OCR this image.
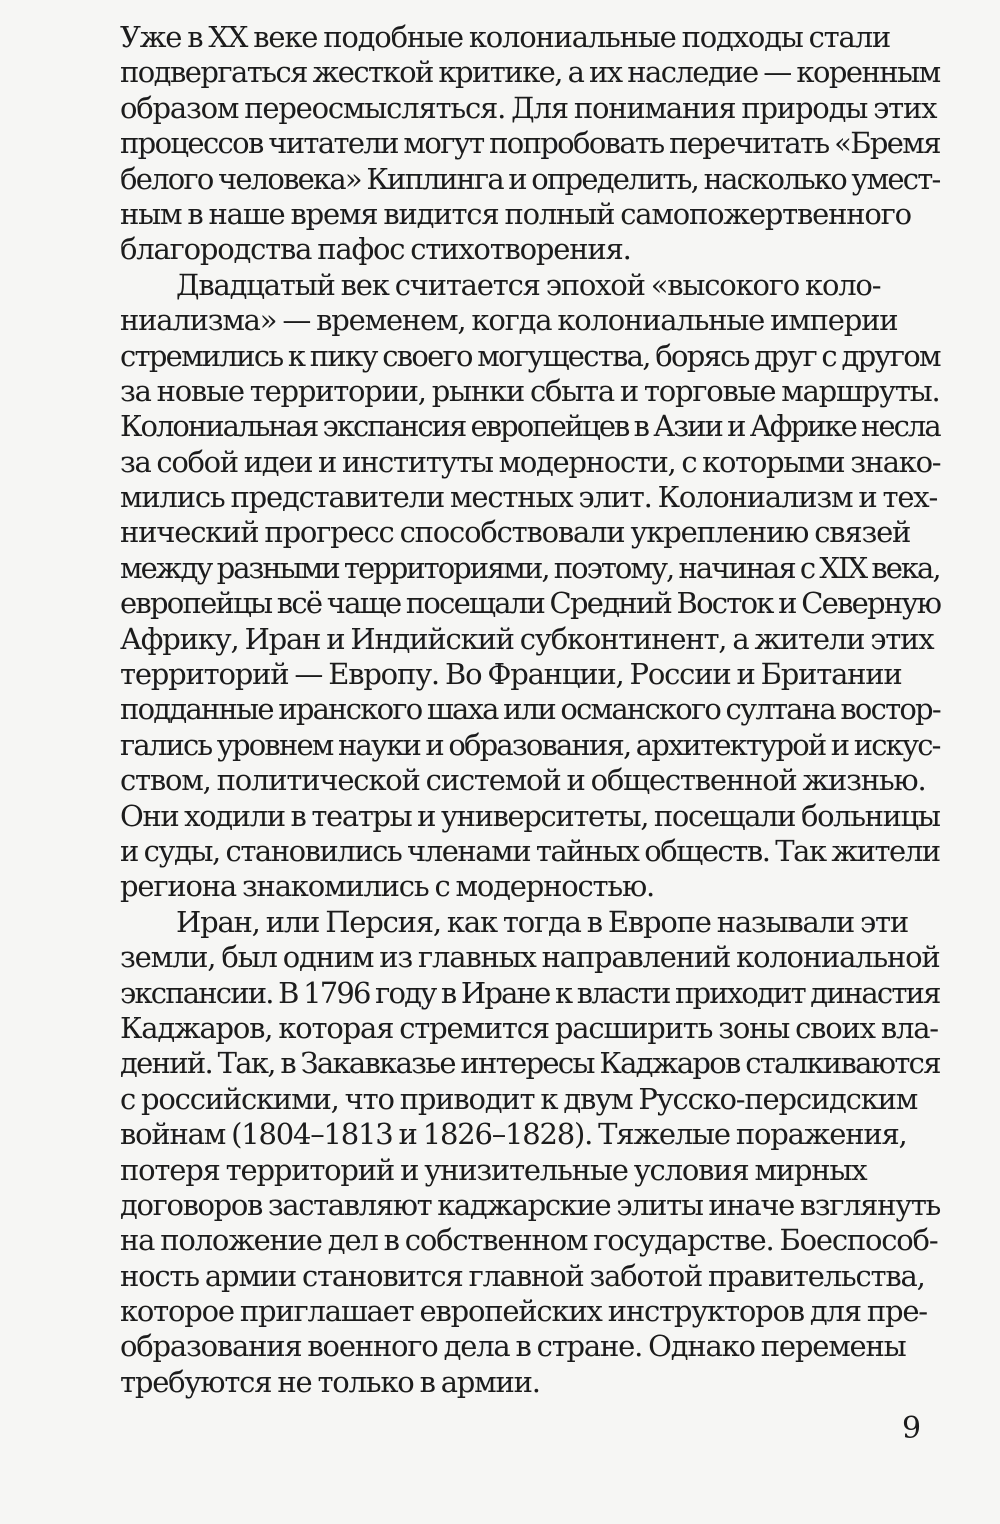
Уже в XX веке подобные колониальные подходы стали
подвергаться жесткой критике, а их наследие — коренным
образом переосмысляться. Для понимания природы этих
процессов читатели могут попробовать перечитать «Бремя
белого человека» Киплинга и определить, насколько умест-
ным в наше время видится полный самопожертвенного
благородства пафос стихотворения.
Двадцатый век считается эпохой «высокого коло-
ниализма» — временем, когда колониальные империи
стремились к пику своего могущества, борясь друг с другом
за новые территории, рынки сбыта и торговые маршруты.
Колониальная экспансия европейцев в Азии и Африке несла
за собой идеи и институты модерности, с которыми знако-
мились представители местных элит. Колониализм и тех-
нический прогресс способствовали укреплению связей
между разными территориями, поэтому, начиная с XIX века,
европейцы всё чаще посещали Средний Восток и Северную
Африку, Иран и Индийский субконтинент, а жители этих
территорий — Европу. Во Франции, России и Британии
подданные иранского шаха или османского султана востор-
гались уровнем науки и образования, архитектурой и искус-
ством, политической системой и общественной жизнью.
Они ходили в театры и университеты, посещали больницы
и суды, становились членами тайных обществ. Так жители
региона знакомились с модерностью.
Иран, или Персия, как тогда в Европе называли эти
земли, был одним из главных направлений колониальной
экспансии. В 1796 году в Иране к власти приходит династия
Каджаров, которая стремится расширить зоны своих вла-
дений. Так, в Закавказье интересы Каджаров сталкиваются
с российскими, что приводит к двум Русско-персидским
войнам (1804–1813 и 1826–1828). Тяжелые поражения,
потеря территорий и унизительные условия мирных
договоров заставляют каджарские элиты иначе взглянуть
на положение дел в собственном государстве. Боеспособ-
ность армии становится главной заботой правительства,
которое приглашает европейских инструкторов для пре-
образования военного дела в стране. Однако перемены
требуются не только в армии.
9
